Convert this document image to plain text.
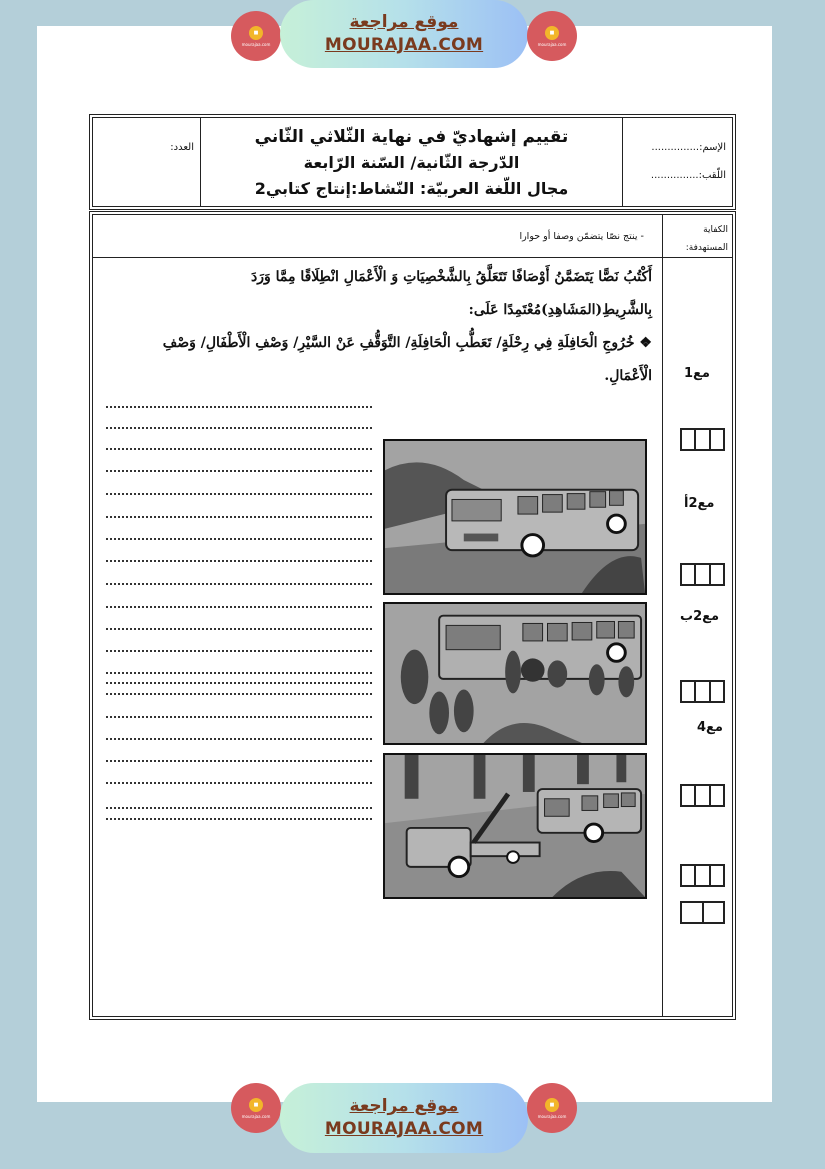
■
mourajaa.com
موقع مراجعة
MOURAJAA.COM
■
mourajaa.com
العدد:
تقييم إشهاديّ في نهاية الثّلاثي الثّاني
الدّرجة الثّانية/ السّنة الرّابعة
مجال اللّغة العربيّة: النّشاط:إنتاج كتابي2
الإسم:...............
اللّقب:...............
الكفاية المستهدفة:
- ينتج نصّا يتضمّن وصفا أو حوارا
أَكْتُبُ نَصًّا يَتَضَمَّنُ أَوْصَافًا تَتَعَلَّقُ بِالشَّخْصِيَاتِ وَ الْأَعْمَالِ انْطِلَاقًا مِمَّا وَرَدَ
بِالشَّرِيطِ(المَشَاهِدِ)مُعْتَمِدًا عَلَى:
❖ خُرُوجِ الْحَافِلَةِ فِي رِحْلَةٍ/ تَعَطُّبِ الْحَافِلَةِ/ التَّوَقُّفِ عَنْ السَّيْرِ/ وَصْفِ الْأَطْفَالِ/ وَصْفِ
الْأَعْمَالِ. مع1
مع2أ
مع2ب
مع4
■
mourajaa.com	موقع مراجعة
MOURAJAA.COM
■
mourajaa.com
